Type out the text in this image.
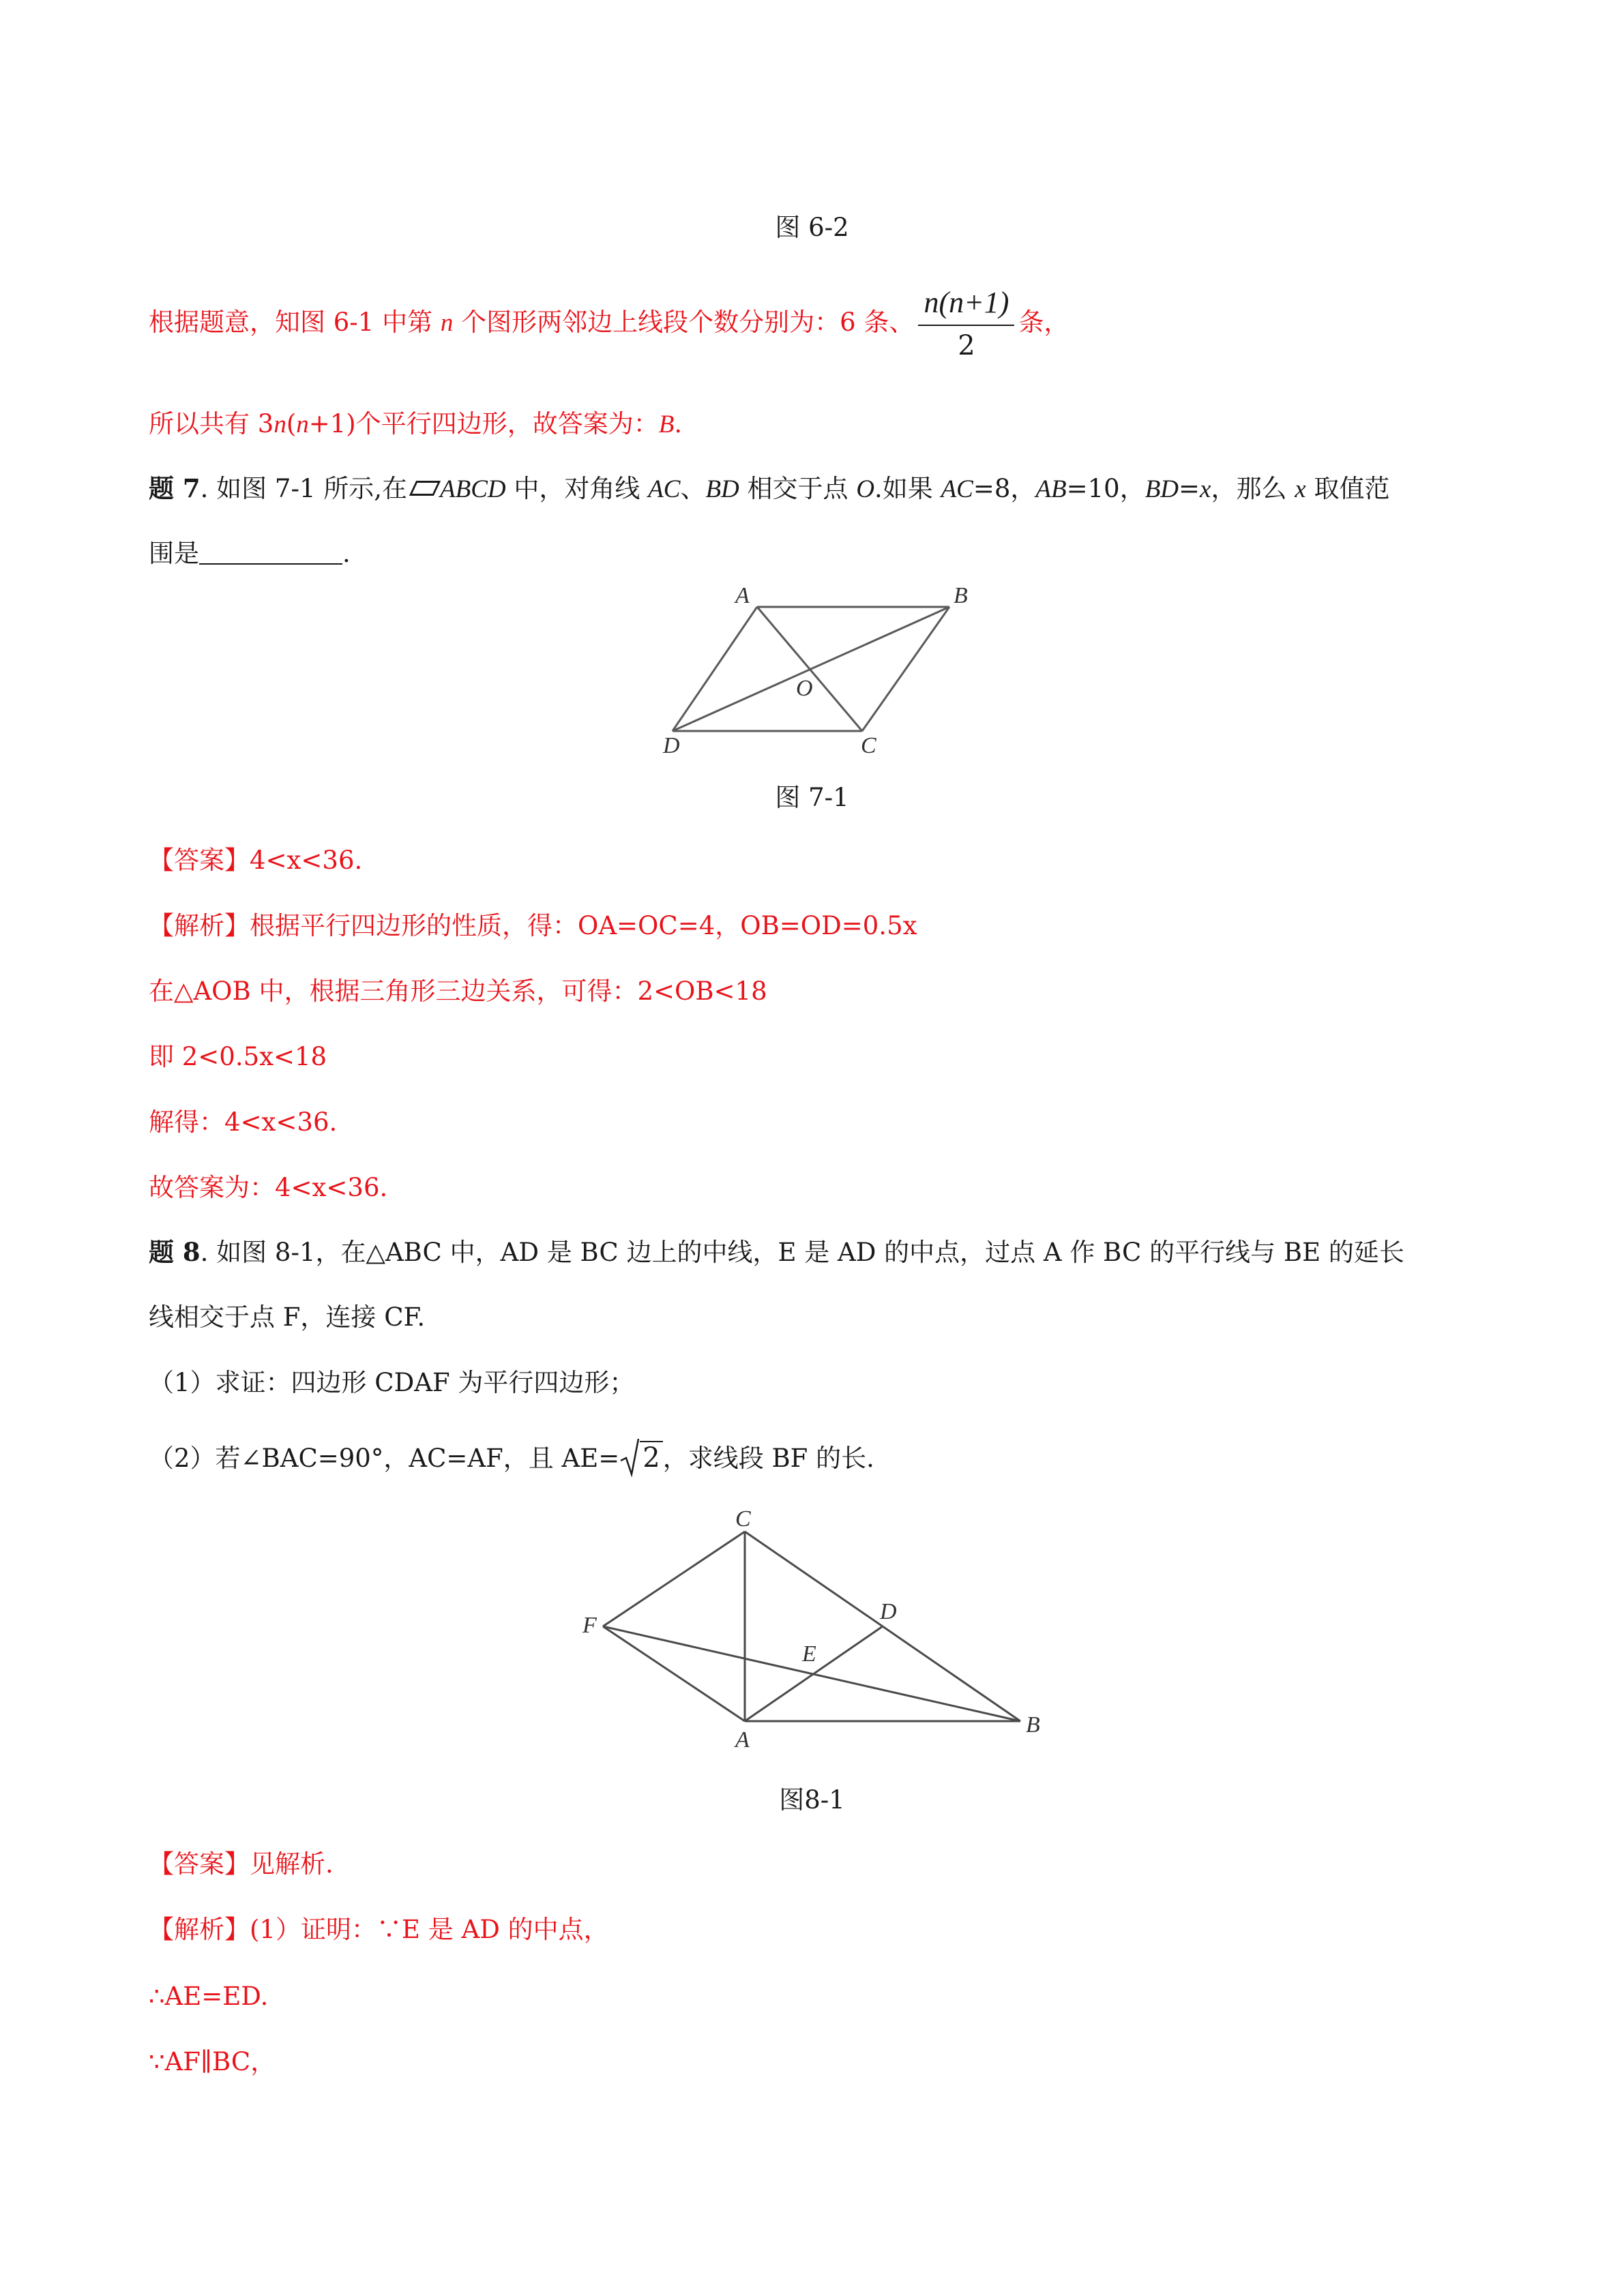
图 6-2
根据题意，知图 6-1 中第 n 个图形两邻边上线段个数分别为：6 条、 $\frac{n(n+1)}{2}$ 条，
所以共有 3n(n+1)个平行四边形，故答案为：B.
题 7. 如图 7-1 所示,在 ABCD 中，对角线 AC、BD 相交于点 O.如果 AC=8，AB=10，BD=x，那么 x 取值范
围是	.
A	B
O
D	C
图 7-1
【答案】4<x<36.
【解析】根据平行四边形的性质，得：OA=OC=4，OB=OD=0.5x
在△AOB 中，根据三角形三边关系，可得：2<OB<18
即 2<0.5x<18
解得：4<x<36.
故答案为：4<x<36.
题 8. 如图 8-1，在△ABC 中，AD 是 BC 边上的中线，E 是 AD 的中点，过点 A 作 BC 的平行线与 BE 的延长
线相交于点 F，连接 CF.
（1）求证：四边形 CDAF 为平行四边形；
（2）若∠BAC=90°，AC=AF，且 AE= 2 ，求线段 BF 的长.
C
D
F
E
A
B
图8-1
【答案】见解析.
【解析】(1）证明：∵E 是 AD 的中点，
∴AE=ED.
∵AF∥BC，
